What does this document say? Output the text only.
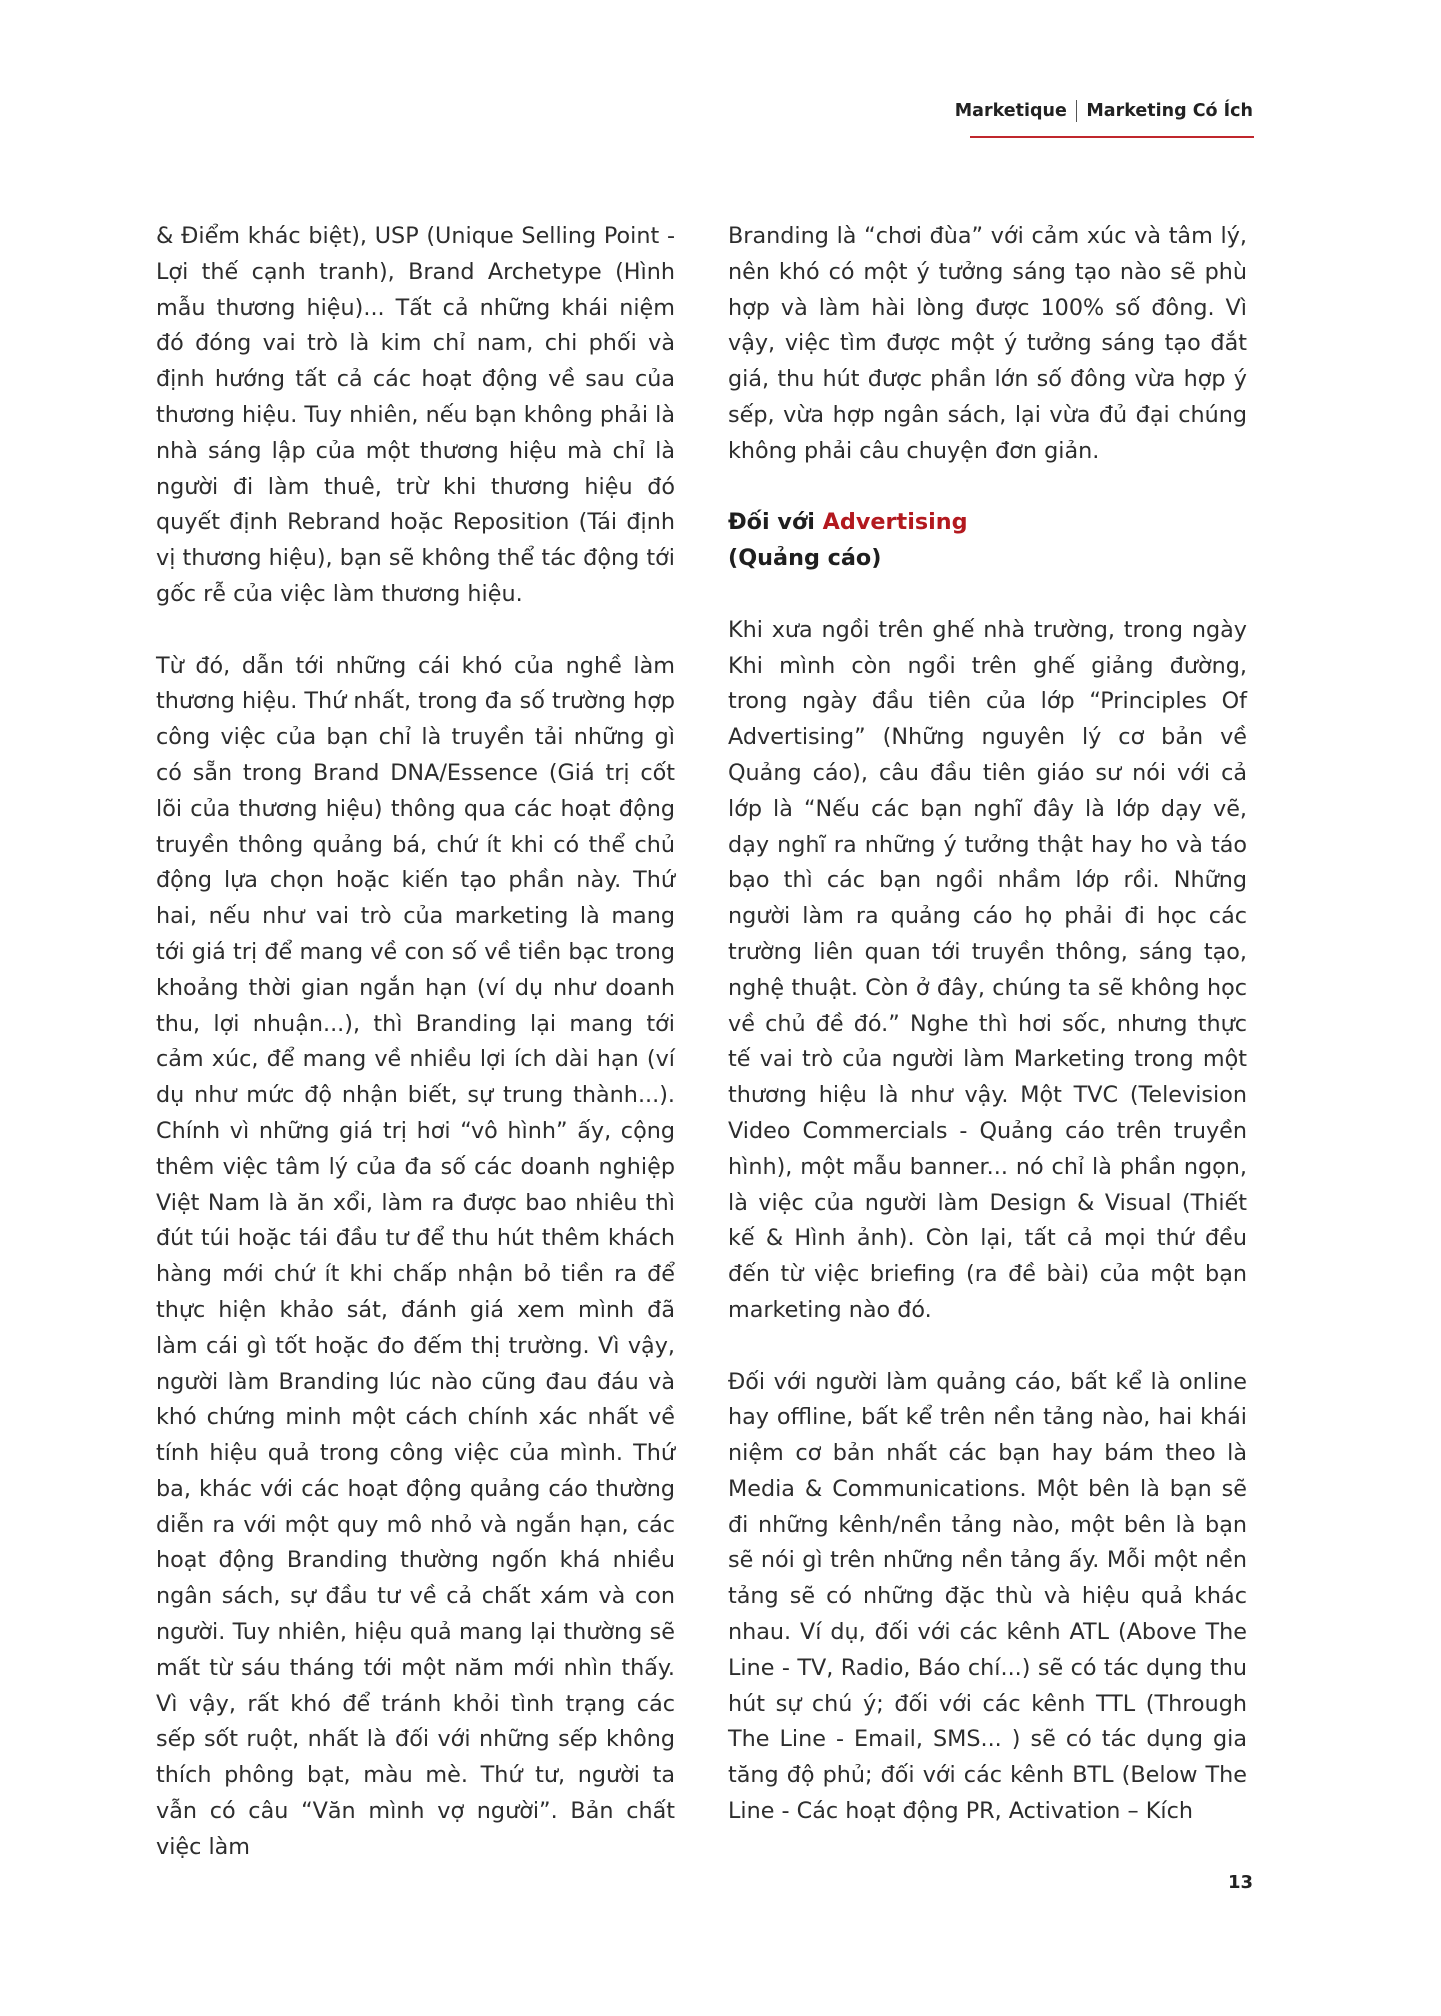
Marketique Marketing Có Ích

& Điểm khác biệt), USP (Unique Selling Point - Lợi thế cạnh tranh), Brand Archetype (Hình mẫu thương hiệu)... Tất cả những khái niệm đó đóng vai trò là kim chỉ nam, chi phối và định hướng tất cả các hoạt động về sau của thương hiệu. Tuy nhiên, nếu bạn không phải là nhà sáng lập của một thương hiệu mà chỉ là người đi làm thuê, trừ khi thương hiệu đó quyết định Rebrand hoặc Reposition (Tái định vị thương hiệu), bạn sẽ không thể tác động tới gốc rễ của việc làm thương hiệu.

Từ đó, dẫn tới những cái khó của nghề làm thương hiệu. Thứ nhất, trong đa số trường hợp công việc của bạn chỉ là truyền tải những gì có sẵn trong Brand DNA/Essence (Giá trị cốt lõi của thương hiệu) thông qua các hoạt động truyền thông quảng bá, chứ ít khi có thể chủ động lựa chọn hoặc kiến tạo phần này. Thứ hai, nếu như vai trò của marketing là mang tới giá trị để mang về con số về tiền bạc trong khoảng thời gian ngắn hạn (ví dụ như doanh thu, lợi nhuận...), thì Branding lại mang tới cảm xúc, để mang về nhiều lợi ích dài hạn (ví dụ như mức độ nhận biết, sự trung thành...). Chính vì những giá trị hơi “vô hình” ấy, cộng thêm việc tâm lý của đa số các doanh nghiệp Việt Nam là ăn xổi, làm ra được bao nhiêu thì đút túi hoặc tái đầu tư để thu hút thêm khách hàng mới chứ ít khi chấp nhận bỏ tiền ra để thực hiện khảo sát, đánh giá xem mình đã làm cái gì tốt hoặc đo đếm thị trường. Vì vậy, người làm Branding lúc nào cũng đau đáu và khó chứng minh một cách chính xác nhất về tính hiệu quả trong công việc của mình. Thứ ba, khác với các hoạt động quảng cáo thường diễn ra với một quy mô nhỏ và ngắn hạn, các hoạt động Branding thường ngốn khá nhiều ngân sách, sự đầu tư về cả chất xám và con người. Tuy nhiên, hiệu quả mang lại thường sẽ mất từ sáu tháng tới một năm mới nhìn thấy. Vì vậy, rất khó để tránh khỏi tình trạng các sếp sốt ruột, nhất là đối với những sếp không thích phông bạt, màu mè. Thứ tư, người ta vẫn có câu “Văn mình vợ người”. Bản chất việc làm

Branding là “chơi đùa” với cảm xúc và tâm lý, nên khó có một ý tưởng sáng tạo nào sẽ phù hợp và làm hài lòng được 100% số đông. Vì vậy, việc tìm được một ý tưởng sáng tạo đắt giá, thu hút được phần lớn số đông vừa hợp ý sếp, vừa hợp ngân sách, lại vừa đủ đại chúng không phải câu chuyện đơn giản.

Đối với Advertising
(Quảng cáo)

Khi xưa ngồi trên ghế nhà trường, trong ngày Khi mình còn ngồi trên ghế giảng đường, trong ngày đầu tiên của lớp “Principles Of Advertising” (Những nguyên lý cơ bản về Quảng cáo), câu đầu tiên giáo sư nói với cả lớp là “Nếu các bạn nghĩ đây là lớp dạy vẽ, dạy nghĩ ra những ý tưởng thật hay ho và táo bạo thì các bạn ngồi nhầm lớp rồi. Những người làm ra quảng cáo họ phải đi học các trường liên quan tới truyền thông, sáng tạo, nghệ thuật. Còn ở đây, chúng ta sẽ không học về chủ đề đó.” Nghe thì hơi sốc, nhưng thực tế vai trò của người làm Marketing trong một thương hiệu là như vậy. Một TVC (Television Video Commercials - Quảng cáo trên truyền hình), một mẫu banner... nó chỉ là phần ngọn, là việc của người làm Design & Visual (Thiết kế & Hình ảnh). Còn lại, tất cả mọi thứ đều đến từ việc briefing (ra đề bài) của một bạn marketing nào đó.

Đối với người làm quảng cáo, bất kể là online hay offline, bất kể trên nền tảng nào, hai khái niệm cơ bản nhất các bạn hay bám theo là Media & Communications. Một bên là bạn sẽ đi những kênh/nền tảng nào, một bên là bạn sẽ nói gì trên những nền tảng ấy. Mỗi một nền tảng sẽ có những đặc thù và hiệu quả khác nhau. Ví dụ, đối với các kênh ATL (Above The Line - TV, Radio, Báo chí...) sẽ có tác dụng thu hút sự chú ý; đối với các kênh TTL (Through The Line - Email, SMS... ) sẽ có tác dụng gia tăng độ phủ; đối với các kênh BTL (Below The Line - Các hoạt động PR, Activation – Kích

13
